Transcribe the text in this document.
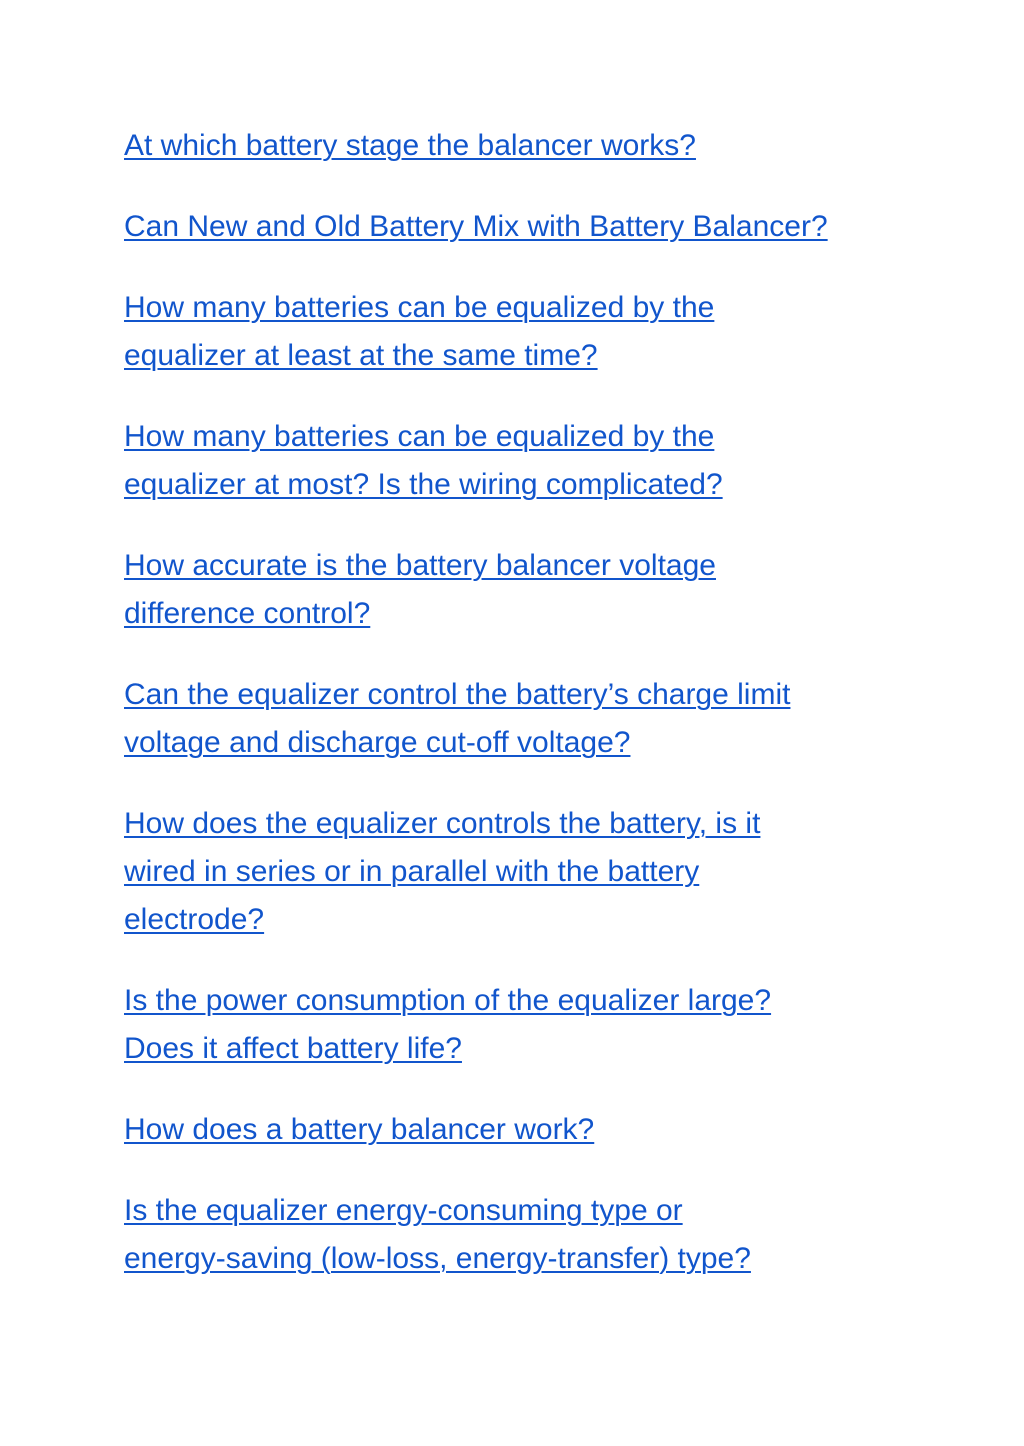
At which battery stage the balancer works?
Can New and Old Battery Mix with Battery Balancer?
How many batteries can be equalized by the
equalizer at least at the same time?
How many batteries can be equalized by the
equalizer at most? Is the wiring complicated?
How accurate is the battery balancer voltage
difference control?
Can the equalizer control the battery’s charge limit
voltage and discharge cut-off voltage?
How does the equalizer controls the battery, is it
wired in series or in parallel with the battery
electrode?
Is the power consumption of the equalizer large?
Does it affect battery life?
How does a battery balancer work?
Is the equalizer energy-consuming type or
energy-saving (low-loss, energy-transfer) type?
